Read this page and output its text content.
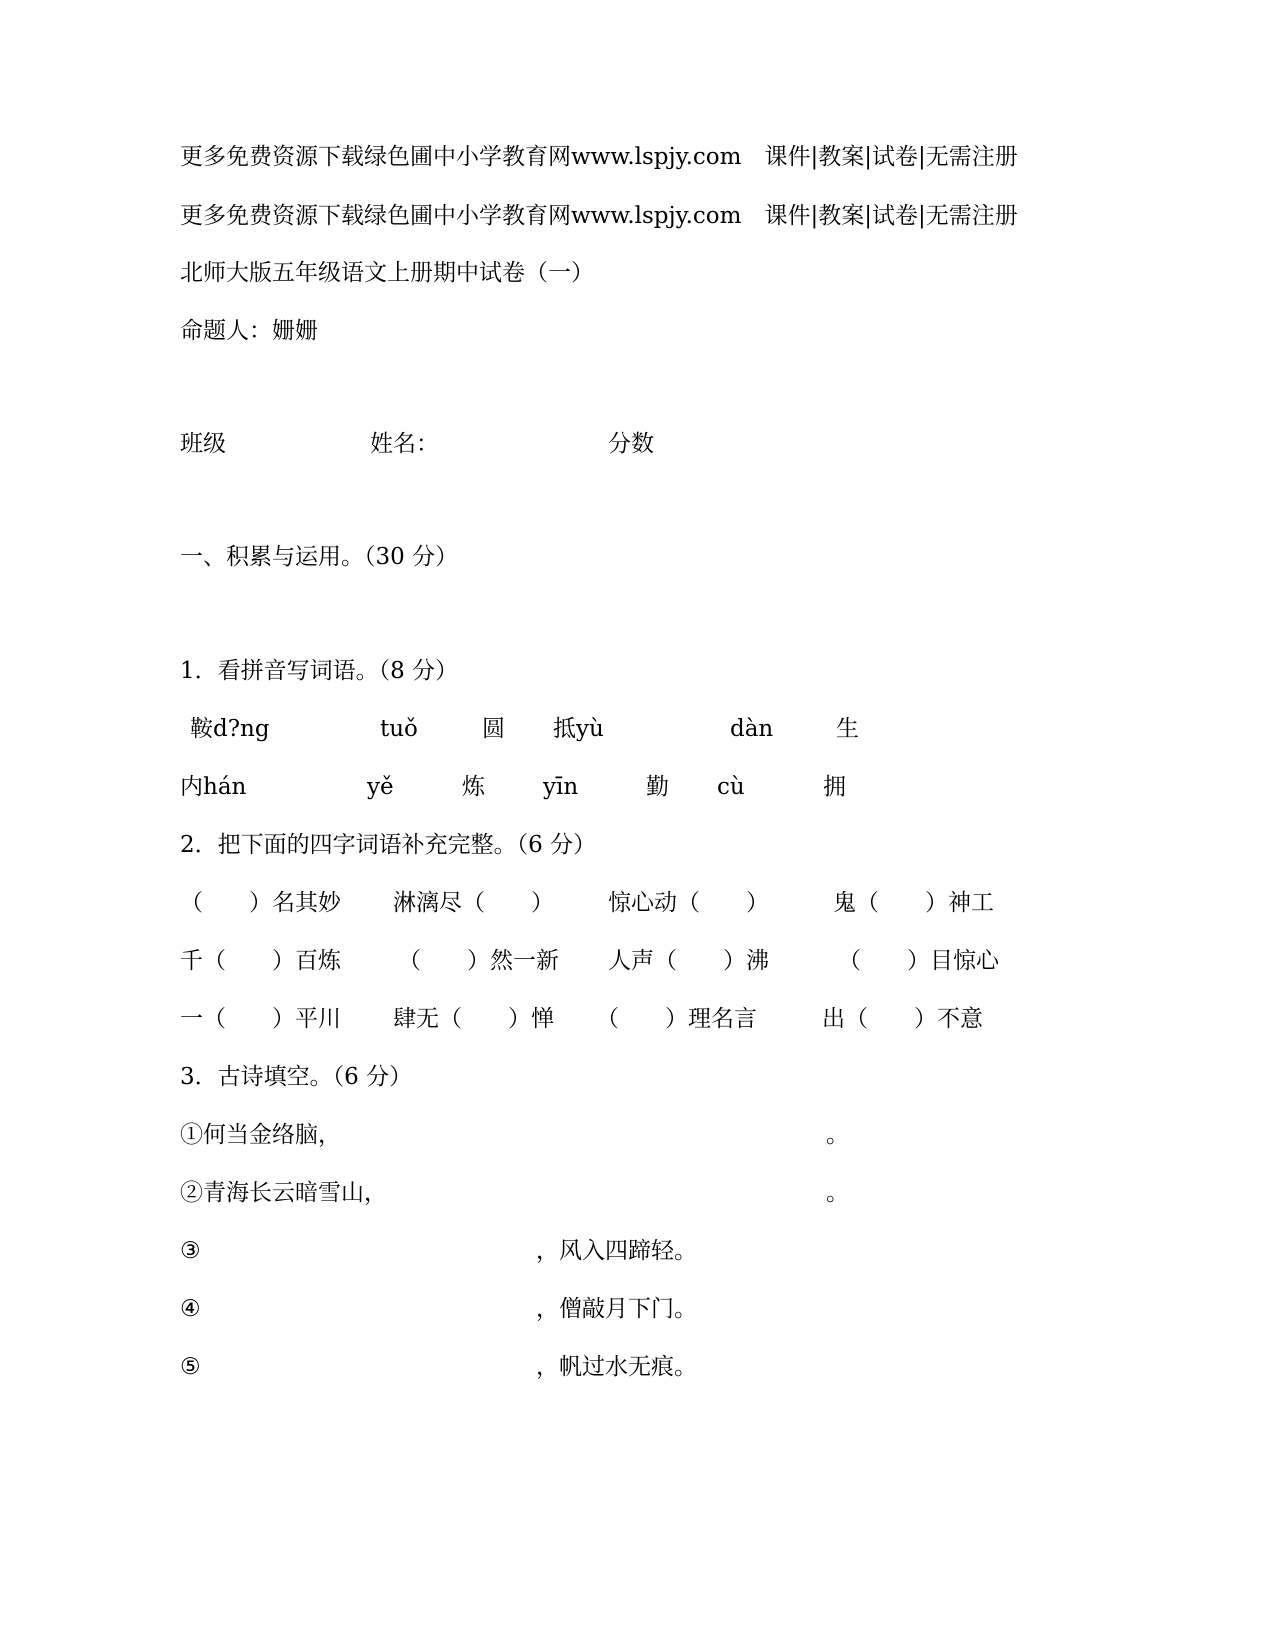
更多免费资源下载绿色圃中小学教育网www.lspjy.com　课件|教案|试卷|无需注册
更多免费资源下载绿色圃中小学教育网www.lspjy.com　课件|教案|试卷|无需注册
北师大版五年级语文上册期中试卷（一）
命题人：姗姗
班级	姓名：	分数
一、积累与运用。（30 分）
1．看拼音写词语。（8 分）
鞍d?ng	tuǒ	圆 抵yù	dàn	生
内hán	yě	炼	yīn	勤 cù	拥
2．把下面的四字词语补充完整。（6 分）
（　　）名其妙 淋漓尽（　　） 惊心动（　　）	鬼（　　）神工
千（　　）百炼 （　　）然一新 人声（　　）沸	（　　）目惊心
一（　　）平川 肆无（　　）惮 （　　）理名言	出（　　）不意
3．古诗填空。（6 分）
①何当金络脑，	。
②青海长云暗雪山，	。
③	，风入四蹄轻。
④	，僧敲月下门。
⑤	，帆过水无痕。
